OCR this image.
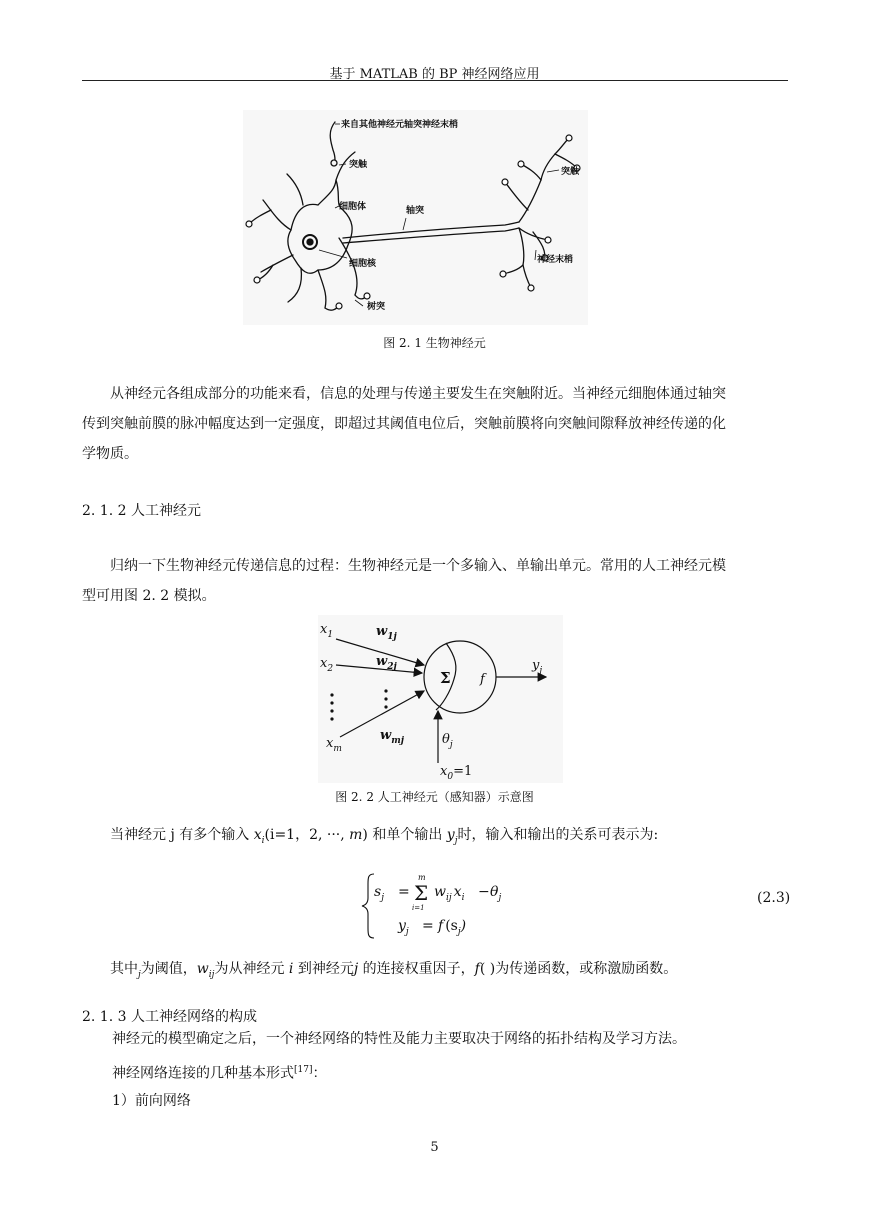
基于 MATLAB 的 BP 神经网络应用
来自其他神经元轴突神经末梢
突触
突触
细胞体	轴突
细胞核	神经末梢
树突
图 2. 1 生物神经元
从神经元各组成部分的功能来看，信息的处理与传递主要发生在突触附近。当神经元细胞体通过轴突
传到突触前膜的脉冲幅度达到一定强度，即超过其阈值电位后，突触前膜将向突触间隙释放神经传递的化
学物质。
2. 1. 2 人工神经元
归纳一下生物神经元传递信息的过程：生物神经元是一个多输入、单输出单元。常用的人工神经元模
型可用图 2. 2 模拟。
$x_1$
$x_2$
$x_m$
$w_{1j}$
$w_{2j}$
$w_{mj}$
f
$y_j$
$\theta_j$
$x_0=1$
Σ
图 2. 2 人工神经元（感知器）示意图
当神经元 j 有多个输入 $x_i(i=1$，2, ···, m) 和单个输出 $y_j$时，输入和输出的关系可表示为:
$s_j$ =
m
Σ
i=1
$w_{ij}$ $x_i - \theta_j$
$y_j = f$ $(s_j)$
(2.3)
其中$_j$为阈值，$w_{ij}$为从神经元 i 到神经元j 的连接权重因子，f( )为传递函数，或称激励函数。
2. 1. 3 人工神经网络的构成
神经元的模型确定之后，一个神经网络的特性及能力主要取决于网络的拓扑结构及学习方法。
神经网络连接的几种基本形式[17]：
1）前向网络
5
